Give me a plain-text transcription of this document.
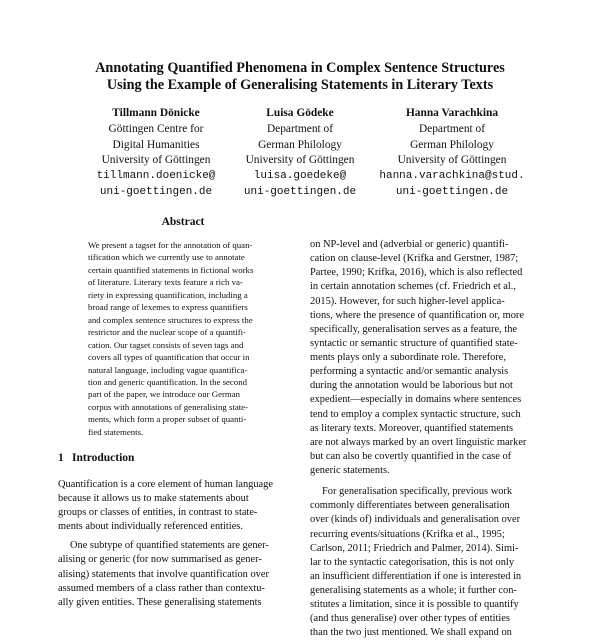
Annotating Quantified Phenomena in Complex Sentence Structures
Using the Example of Generalising Statements in Literary Texts
Tillmann Dönicke
Göttingen Centre for
Digital Humanities
University of Göttingen
tillmann.doenicke@
uni-goettingen.de
Luisa Gödeke
Department of
German Philology
University of Göttingen
luisa.goedeke@
uni-goettingen.de
Hanna Varachkina
Department of
German Philology
University of Göttingen
hanna.varachkina@stud.
uni-goettingen.de
Abstract
We present a tagset for the annotation of quan-
tification which we currently use to annotate
certain quantified statements in fictional works
of literature. Literary texts feature a rich va-
riety in expressing quantification, including a
broad range of lexemes to express quantifiers
and complex sentence structures to express the
restrictor and the nuclear scope of a quantifi-
cation. Our tagset consists of seven tags and
covers all types of quantification that occur in
natural language, including vague quantifica-
tion and generic quantification. In the second
part of the paper, we introduce our German
corpus with annotations of generalising state-
ments, which form a proper subset of quanti-
fied statements.
1 Introduction
Quantification is a core element of human language
because it allows us to make statements about
groups or classes of entities, in contrast to state-
ments about individually referenced entities.
One subtype of quantified statements are gener-
alising or generic (for now summarised as gener-
alising) statements that involve quantification over
assumed members of a class rather than contextu-
ally given entities. These generalising statements
on NP-level and (adverbial or generic) quantifi-
cation on clause-level (Krifka and Gerstner, 1987;
Partee, 1990; Krifka, 2016), which is also reflected
in certain annotation schemes (cf. Friedrich et al.,
2015). However, for such higher-level applica-
tions, where the presence of quantification or, more
specifically, generalisation serves as a feature, the
syntactic or semantic structure of quantified state-
ments plays only a subordinate role. Therefore,
performing a syntactic and/or semantic analysis
during the annotation would be laborious but not
expedient—especially in domains where sentences
tend to employ a complex syntactic structure, such
as literary texts. Moreover, quantified statements
are not always marked by an overt linguistic marker
but can also be covertly quantified in the case of
generic statements.
For generalisation specifically, previous work
commonly differentiates between generalisation
over (kinds of) individuals and generalisation over
recurring events/situations (Krifka et al., 1995;
Carlson, 2011; Friedrich and Palmer, 2014). Simi-
lar to the syntactic categorisation, this is not only
an insufficient differentiation if one is interested in
generalising statements as a whole; it further con-
stitutes a limitation, since it is possible to quantify
(and thus generalise) over other types of entities
than the two just mentioned. We shall expand on
